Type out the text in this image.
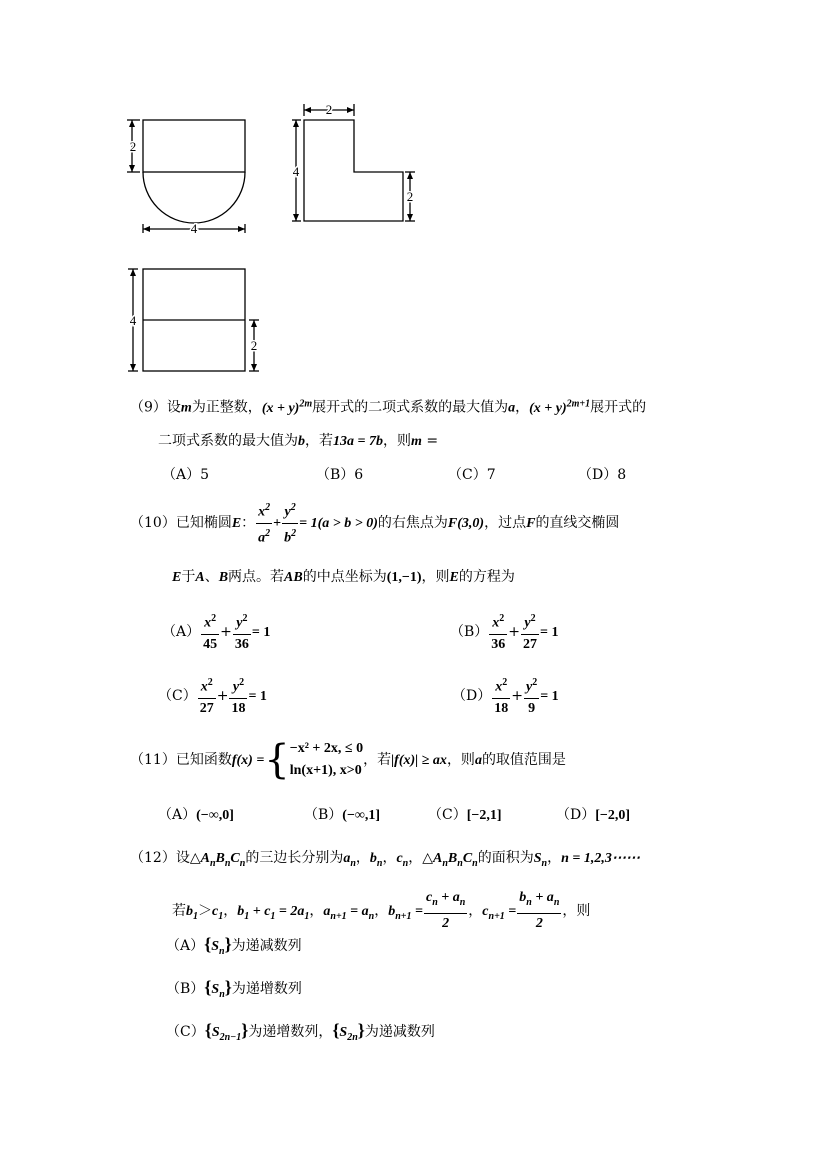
2
4
2
4
2
4
2
（9）设m为正整数，$(x + y)^{2m}$展开式的二项式系数的最大值为a，$(x + y)^{2m+1}$展开式的
二项式系数的最大值为b，若13a = 7b，则m =
（A）5	（B）6	（C）7	（D）8
（10）已知椭圆E： $\frac{x^2}{a^2} + \frac{y^2}{b^2} = 1(a > b > 0)$的右焦点为F(3,0)，过点F的直线交椭圆
E于A、B两点。若AB的中点坐标为(1,−1)，则E的方程为
$(A) \frac{x^2}{45} + \frac{y^2}{36} = 1$	$(B) \frac{x^2}{36} + \frac{y^2}{27} = 1$
$(C) \frac{x^2}{27} + \frac{y^2}{18} = 1$	$(D) \frac{x^2}{18} + \frac{y^2}{9} = 1$
（11）已知函数f(x) ={ −x² + 2x, ≤ 0
ln(x+1), x>0
，若|f(x)| ≥ ax，则a的取值范围是
（A）(−∞,0]	（B）(−∞,1]	（C）[−2,1]	（D）[−2,0]
（12）设$\triangle A_nB_nC_n$的三边长分别为$a_n$，$b_n$，$c_n$，$\triangle A_nB_nC_n$的面积为$S_n$，n = 1,2,3⋯⋯
若$b_1>c_1$，$b_1 + c_1 = 2a_1$，$a_{n+1} = a_n$，$b_{n+1} = \frac{c_n + a_n}{2}$ ，$c_{n+1} = \frac{b_n + a_n}{2}$ ，则
$(A)\{S_n\}$为递减数列
$(B)\{S_n\}$为递增数列
$(C)\{S_{2n-1}\}$为递增数列，$\{S_{2n}\}$为递减数列
